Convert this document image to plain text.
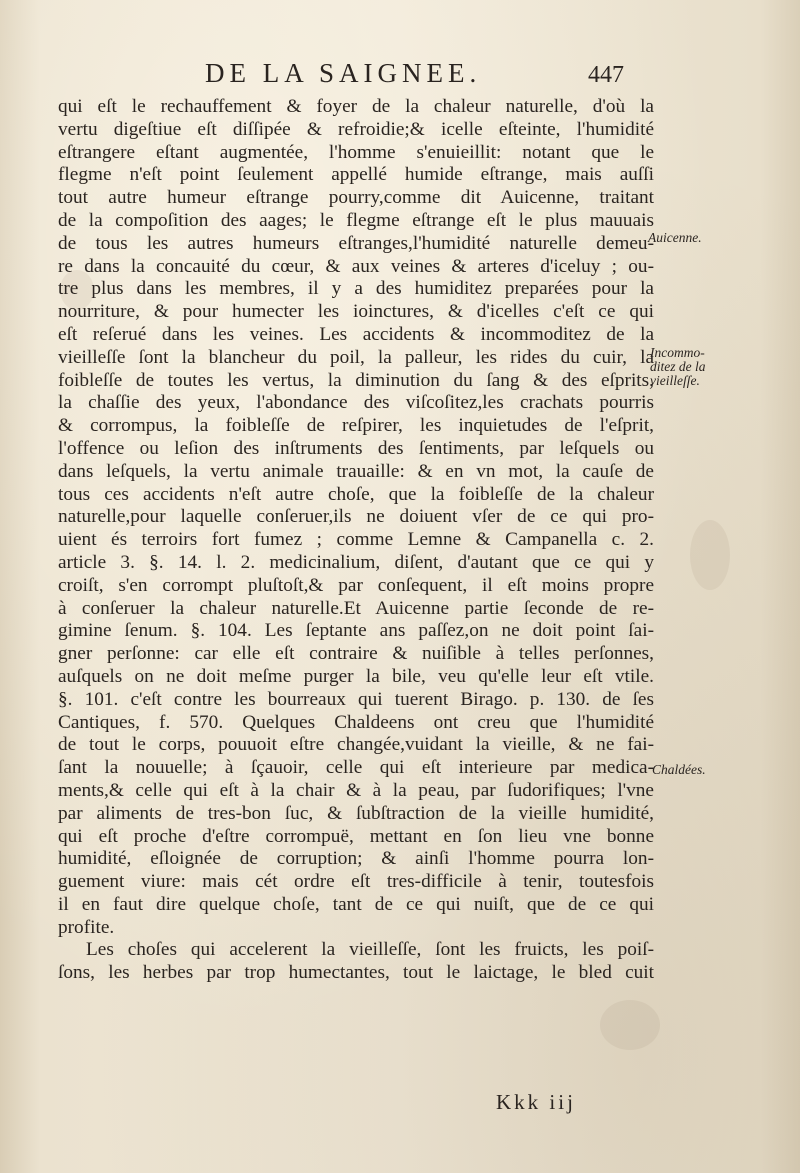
DE LA SAIGNEE.	447
qui eſt le rechauffement & foyer de la chaleur naturelle, d'où la
vertu digeſtiue eſt diſſipée & refroidie;& icelle eſteinte, l'humidité
eſtrangere eſtant augmentée, l'homme s'enuieillit: notant que le
flegme n'eſt point ſeulement appellé humide eſtrange, mais auſſi
tout autre humeur eſtrange pourry,comme dit Auicenne, traitant
de la compoſition des aages; le flegme eſtrange eſt le plus mauuais
de tous les autres humeurs eſtranges,l'humidité naturelle demeu-
re dans la concauité du cœur, & aux veines & arteres d'iceluy ; ou-
tre plus dans les membres, il y a des humiditez preparées pour la
nourriture, & pour humecter les ioinctures, & d'icelles c'eſt ce qui
eſt reſerué dans les veines. Les accidents & incommoditez de la
vieilleſſe ſont la blancheur du poil, la palleur, les rides du cuir, la
foibleſſe de toutes les vertus, la diminution du ſang & des eſprits,
la chaſſie des yeux, l'abondance des viſcoſitez,les crachats pourris
& corrompus, la foibleſſe de reſpirer, les inquietudes de l'eſprit,
l'offence ou leſion des inſtruments des ſentiments, par leſquels ou
dans leſquels, la vertu animale trauaille: & en vn mot, la cauſe de
tous ces accidents n'eſt autre choſe, que la foibleſſe de la chaleur
naturelle,pour laquelle conſeruer,ils ne doiuent vſer de ce qui pro-
uient és terroirs fort fumez ; comme Lemne & Campanella c. 2.
article 3. §. 14. l. 2. medicinalium, diſent, d'autant que ce qui y
croiſt, s'en corrompt pluſtoſt,& par conſequent, il eſt moins propre
à conſeruer la chaleur naturelle.Et Auicenne partie ſeconde de re-
gimine ſenum. §. 104. Les ſeptante ans paſſez,on ne doit point ſai-
gner perſonne: car elle eſt contraire & nuiſible à telles perſonnes,
auſquels on ne doit meſme purger la bile, veu qu'elle leur eſt vtile.
§. 101. c'eſt contre les bourreaux qui tuerent Birago. p. 130. de ſes
Cantiques, f. 570. Quelques Chaldeens ont creu que l'humidité
de tout le corps, pouuoit eſtre changée,vuidant la vieille, & ne fai-
ſant la nouuelle; à ſçauoir, celle qui eſt interieure par medica-
ments,& celle qui eſt à la chair & à la peau, par ſudorifiques; l'vne
par aliments de tres-bon ſuc, & ſubſtraction de la vieille humidité,
qui eſt proche d'eſtre corrompuë, mettant en ſon lieu vne bonne
humidité, eſloignée de corruption; & ainſi l'homme pourra lon-
guement viure: mais cét ordre eſt tres-difficile à tenir, toutesfois
il en faut dire quelque choſe, tant de ce qui nuiſt, que de ce qui
profite.
Les choſes qui accelerent la vieilleſſe, ſont les fruicts, les poiſ-
ſons, les herbes par trop humectantes, tout le laictage, le bled cuit
Auicenne.
Incommo-
ditez de la
vieilleſſe.
Chaldées.
Kkk iij
